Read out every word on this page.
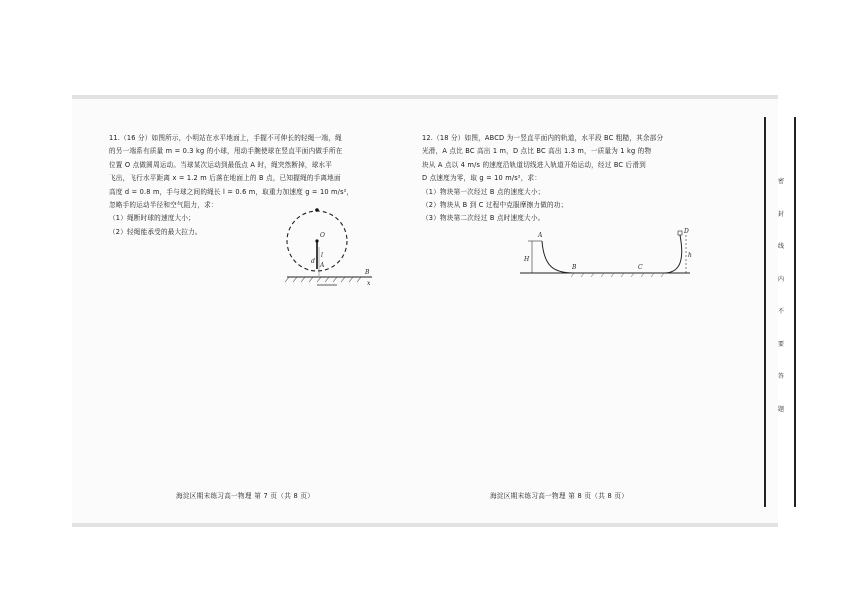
11.（16 分）如图所示，小明站在水平地面上，手握不可伸长的轻绳一端，绳

的另一端系有质量 m = 0.3 kg 的小球，甩动手腕使球在竖直平面内做手所在

位置 O 点做圆周运动。当球某次运动到最低点 A 时，绳突然断掉，球水平

飞出，飞行水平距离 x = 1.2 m 后落在地面上的 B 点，已知握绳的手离地面

高度 d = 0.8 m，手与球之间的绳长 l = 0.6 m，取重力加速度 g = 10 m/s²，

忽略手的运动半径和空气阻力，求：

（1）绳断时球的速度大小；

（2）轻绳能承受的最大拉力。	O
A
B
d
l
x
海淀区期末练习高一物理 第 7 页（共 8 页）

12.（18 分）如图，ABCD 为一竖直平面内的轨道，水平段 BC 粗糙，其余部分

光滑，A 点比 BC 高出 1 m，D 点比 BC 高出 1.3 m，一质量为 1 kg 的物

块从 A 点以 4 m/s 的速度沿轨道切线进入轨道开始运动，经过 BC 后滑到

D 点速度为零，取 g = 10 m/s²，求：

（1）物块第一次经过 B 点的速度大小；

（2）物块从 B 到 C 过程中克服摩擦力做的功；

（3）物块第二次经过 B 点时速度大小。

A
B	C
D
H
h
海淀区期末练习高一物理 第 8 页（共 8 页）
密
封
线
内
不
要
答
题
